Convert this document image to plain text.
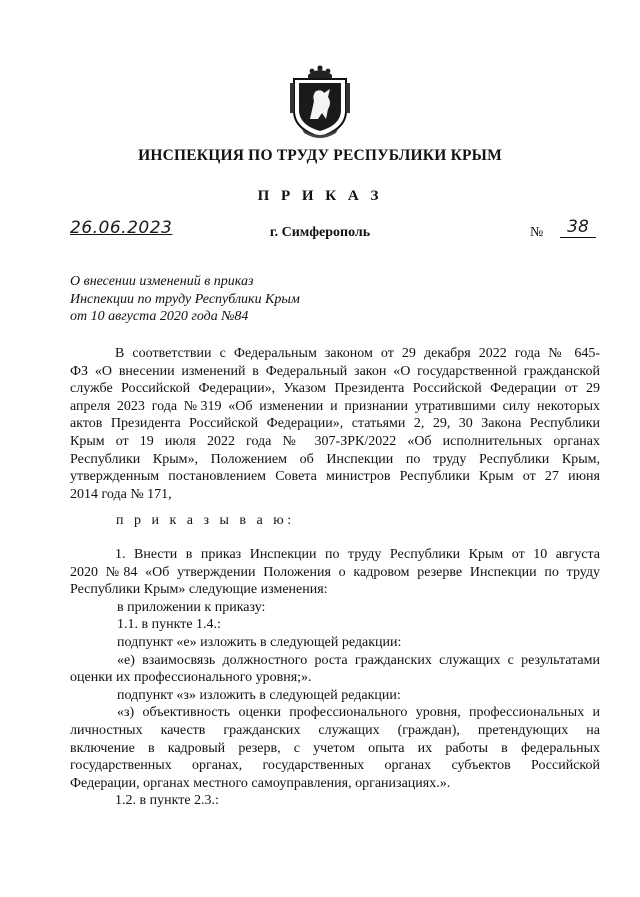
ИНСПЕКЦИЯ ПО ТРУДУ РЕСПУБЛИКИ КРЫМ
П Р И К А З
26.06.2023	г. Симферополь	№	38
О внесении изменений в приказ
Инспекции по труду Республики Крым
от 10 августа 2020 года №84
В соответствии с Федеральным законом от 29 декабря 2022 года № 645-
ФЗ «О внесении изменений в Федеральный закон «О государственной гражданской
службе Российской Федерации», Указом Президента Российской Федерации от 29
апреля 2023 года №319 «Об изменении и признании утратившими силу некоторых
актов Президента Российской Федерации», статьями 2, 29, 30 Закона Республики
Крым от 19 июля 2022 года № 307-ЗРК/2022 «Об исполнительных органах
Республики Крым», Положением об Инспекции по труду Республики Крым,
утвержденным постановлением Совета министров Республики Крым от 27 июня
2014 года № 171,
п р и к а з ы в а ю:
1. Внести в приказ Инспекции по труду Республики Крым от 10 августа
2020 №84 «Об утверждении Положения о кадровом резерве Инспекции по труду
Республики Крым» следующие изменения:
в приложении к приказу:
1.1. в пункте 1.4.:
подпункт «е» изложить в следующей редакции:
«е) взаимосвязь должностного роста гражданских служащих с результатами
оценки их профессионального уровня;».
подпункт «з» изложить в следующей редакции:
«з) объективность оценки профессионального уровня, профессиональных и
личностных качеств гражданских служащих (граждан), претендующих на
включение в кадровый резерв, с учетом опыта их работы в федеральных
государственных органах, государственных органах субъектов Российской
Федерации, органах местного самоуправления, организациях.».
1.2. в пункте 2.3.:
